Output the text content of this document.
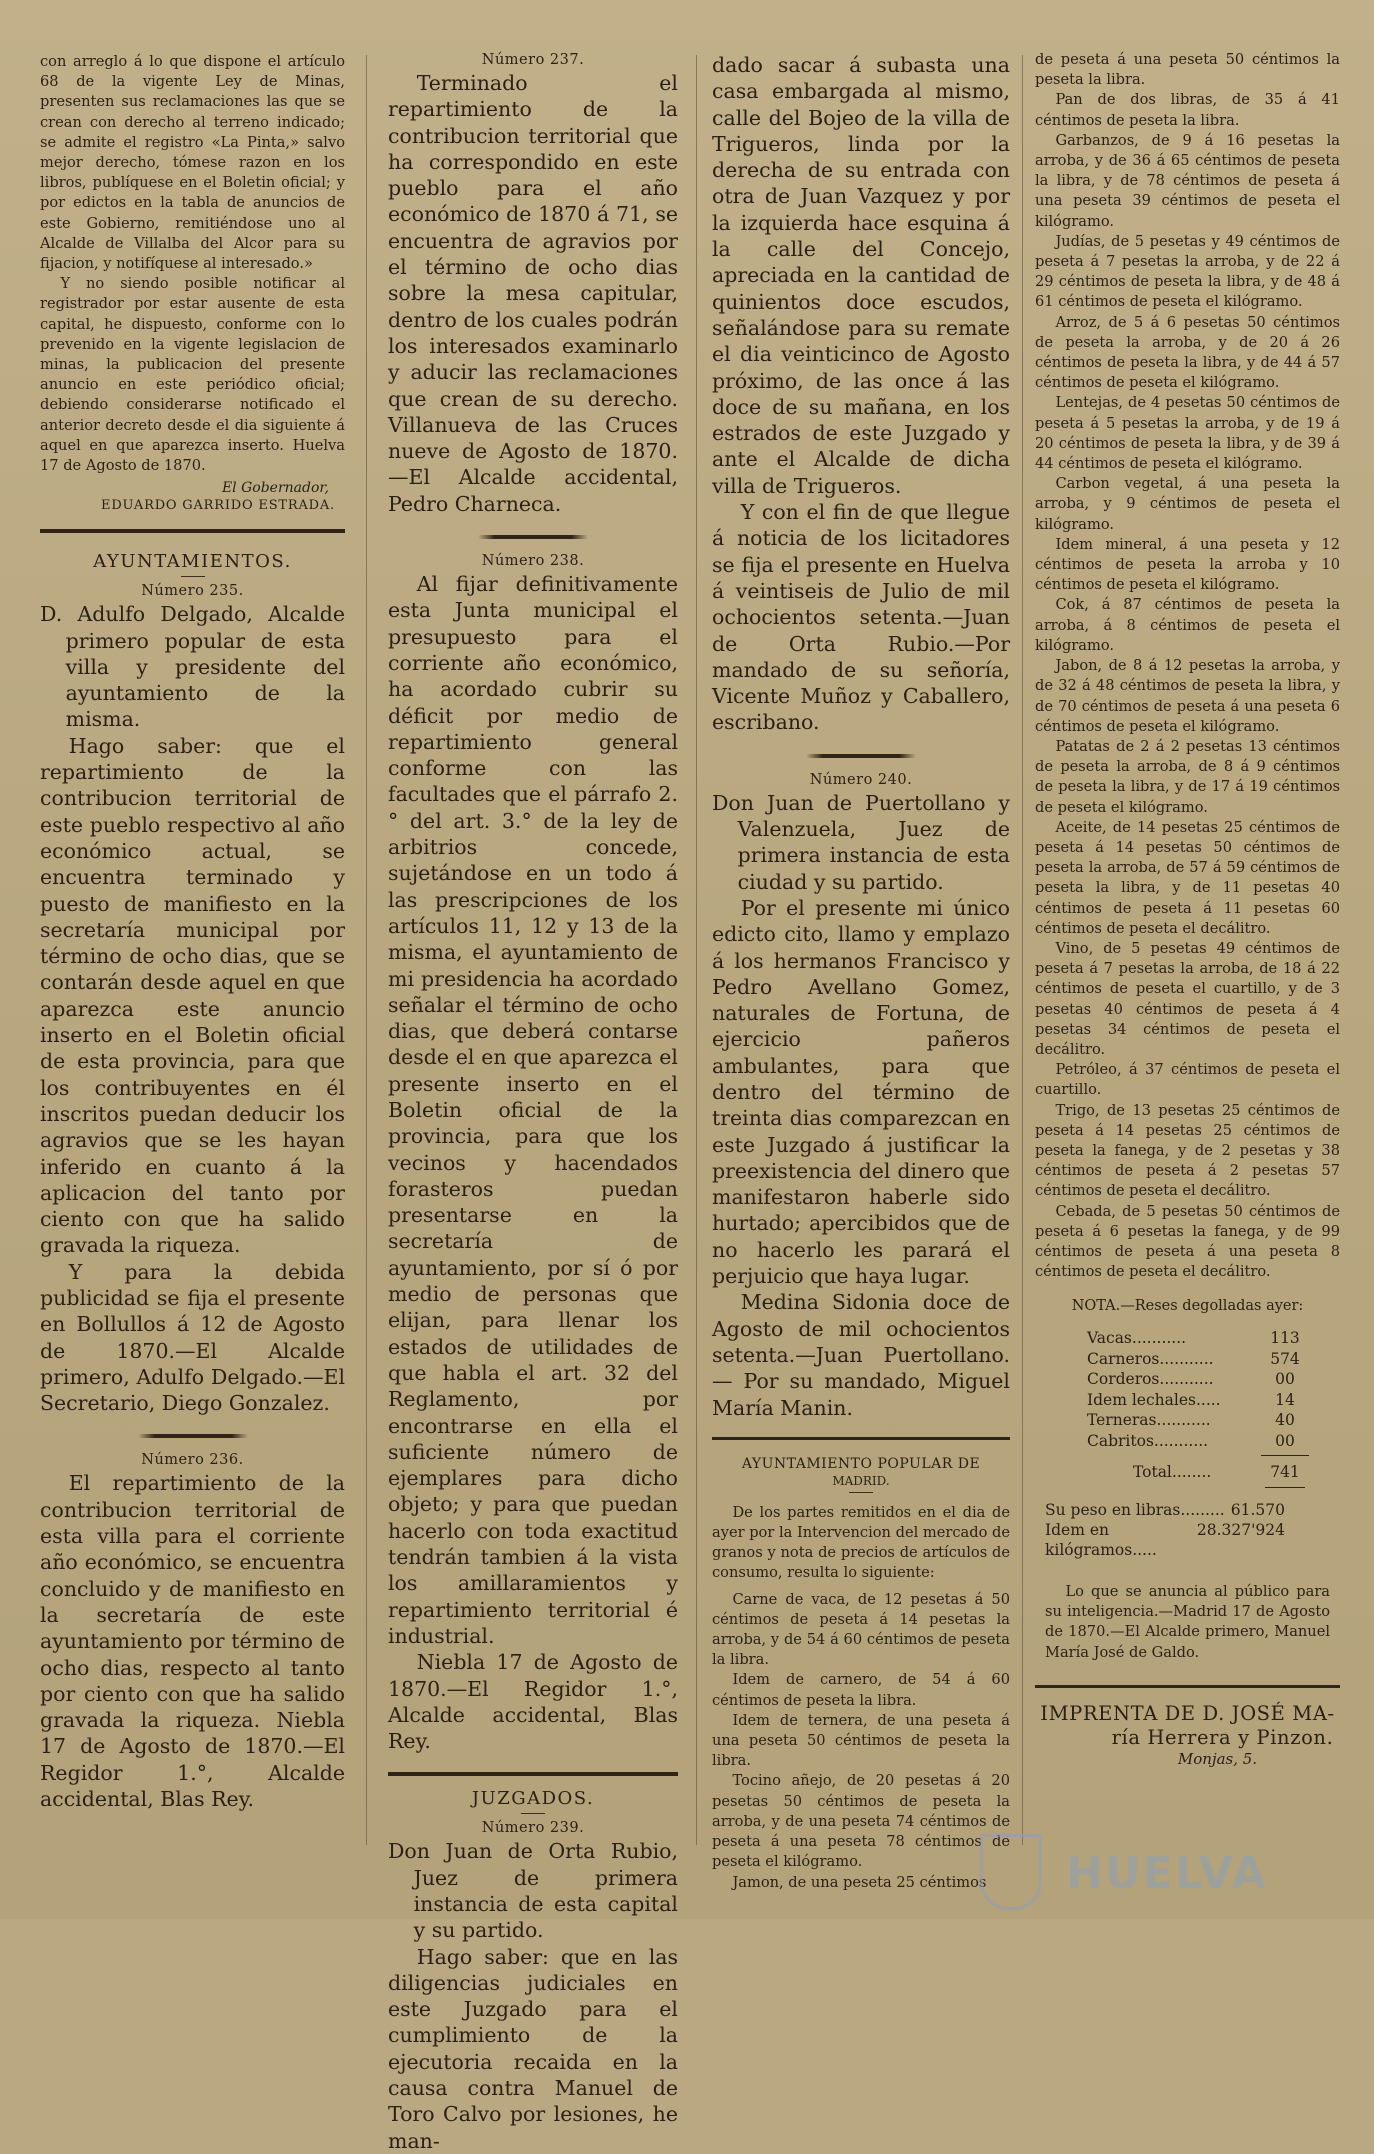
con arreglo á lo que dispone el artículo 68 de la vigente Ley de Minas, presenten sus reclamaciones las que se crean con derecho al terreno indicado; se admite el registro «La Pinta,» salvo mejor derecho, tómese razon en los libros, publíquese en el Boletin oficial; y por edictos en la tabla de anuncios de este Gobierno, remitiéndose uno al Alcalde de Villalba del Alcor para su fijacion, y notifíquese al interesado.»

Y no siendo posible notificar al registrador por estar ausente de esta capital, he dispuesto, conforme con lo prevenido en la vigente legislacion de minas, la publicacion del presente anuncio en este periódico oficial; debiendo considerarse notificado el anterior decreto desde el dia siguiente á aquel en que aparezca inserto. Huelva 17 de Agosto de 1870.

El Gobernador,
EDUARDO GARRIDO ESTRADA.
AYUNTAMIENTOS.
Número 235.

D. Adulfo Delgado, Alcalde primero popular de esta villa y presidente del ayuntamiento de la misma.

Hago saber: que el repartimiento de la contribucion territorial de este pueblo respectivo al año económico actual, se encuentra terminado y puesto de manifiesto en la secretaría municipal por término de ocho dias, que se contarán desde aquel en que aparezca este anuncio inserto en el Boletin oficial de esta provincia, para que los contribuyentes en él inscritos puedan deducir los agravios que se les hayan inferido en cuanto á la aplicacion del tanto por ciento con que ha salido gravada la riqueza.

Y para la debida publicidad se fija el presente en Bollullos á 12 de Agosto de 1870.—El Alcalde primero, Adulfo Delgado.—El Secretario, Diego Gonzalez.

Número 236.

El repartimiento de la contribucion territorial de esta villa para el corriente año económico, se encuentra concluido y de manifiesto en la secretaría de este ayuntamiento por término de ocho dias, respecto al tanto por ciento con que ha salido gravada la riqueza. Niebla 17 de Agosto de 1870.—El Regidor 1.°, Alcalde accidental, Blas Rey.

Número 237.

Terminado el repartimiento de la contribucion territorial que ha correspondido en este pueblo para el año económico de 1870 á 71, se encuentra de agravios por el término de ocho dias sobre la mesa capitular, dentro de los cuales podrán los interesados examinarlo y aducir las reclamaciones que crean de su derecho. Villanueva de las Cruces nueve de Agosto de 1870. —El Alcalde accidental, Pedro Charneca.

Número 238.

Al fijar definitivamente esta Junta municipal el presupuesto para el corriente año económico, ha acordado cubrir su déficit por medio de repartimiento general conforme con las facultades que el párrafo 2.° del art. 3.° de la ley de arbitrios concede, sujetándose en un todo á las prescripciones de los artículos 11, 12 y 13 de la misma, el ayuntamiento de mi presidencia ha acordado señalar el término de ocho dias, que deberá contarse desde el en que aparezca el presente inserto en el Boletin oficial de la provincia, para que los vecinos y hacendados forasteros puedan presentarse en la secretaría de ayuntamiento, por sí ó por medio de personas que elijan, para llenar los estados de utilidades de que habla el art. 32 del Reglamento, por encontrarse en ella el suficiente número de ejemplares para dicho objeto; y para que puedan hacerlo con toda exactitud tendrán tambien á la vista los amillaramientos y repartimiento territorial é industrial.

Niebla 17 de Agosto de 1870.—El Regidor 1.°, Alcalde accidental, Blas Rey.

JUZGADOS.
Número 239.

Don Juan de Orta Rubio, Juez de primera instancia de esta capital y su partido.

Hago saber: que en las diligencias judiciales en este Juzgado para el cumplimiento de la ejecutoria recaida en la causa contra Manuel de Toro Calvo por lesiones, he man-

dado sacar á subasta una casa embargada al mismo, calle del Bojeo de la villa de Trigueros, linda por la derecha de su entrada con otra de Juan Vazquez y por la izquierda hace esquina á la calle del Concejo, apreciada en la cantidad de quinientos doce escudos, señalándose para su remate el dia veinticinco de Agosto próximo, de las once á las doce de su mañana, en los estrados de este Juzgado y ante el Alcalde de dicha villa de Trigueros.

Y con el fin de que llegue á noticia de los licitadores se fija el presente en Huelva á veintiseis de Julio de mil ochocientos setenta.—Juan de Orta Rubio.—Por mandado de su señoría, Vicente Muñoz y Caballero, escribano.

Número 240.

Don Juan de Puertollano y Valenzuela, Juez de primera instancia de esta ciudad y su partido.

Por el presente mi único edicto cito, llamo y emplazo á los hermanos Francisco y Pedro Avellano Gomez, naturales de Fortuna, de ejercicio pañeros ambulantes, para que dentro del término de treinta dias comparezcan en este Juzgado á justificar la preexistencia del dinero que manifestaron haberle sido hurtado; apercibidos que de no hacerlo les parará el perjuicio que haya lugar.

Medina Sidonia doce de Agosto de mil ochocientos setenta.—Juan Puertollano.— Por su mandado, Miguel María Manin.

AYUNTAMIENTO POPULAR DE
MADRID.

De los partes remitidos en el dia de ayer por la Intervencion del mercado de granos y nota de precios de artículos de consumo, resulta lo siguiente:

Carne de vaca, de 12 pesetas á 50 céntimos de peseta á 14 pesetas la arroba, y de 54 á 60 céntimos de peseta la libra.

Idem de carnero, de 54 á 60 céntimos de peseta la libra.

Idem de ternera, de una peseta á una peseta 50 céntimos de peseta la libra.

Tocino añejo, de 20 pesetas á 20 pesetas 50 céntimos de peseta la arroba, y de una peseta 74 céntimos de peseta á una peseta 78 céntimos de peseta el kilógramo.

Jamon, de una peseta 25 céntimos

de peseta á una peseta 50 céntimos la peseta la libra.

Pan de dos libras, de 35 á 41 céntimos de peseta la libra.

Garbanzos, de 9 á 16 pesetas la arroba, y de 36 á 65 céntimos de peseta la libra, y de 78 céntimos de peseta á una peseta 39 céntimos de peseta el kilógramo.

Judías, de 5 pesetas y 49 céntimos de peseta á 7 pesetas la arroba, y de 22 á 29 céntimos de peseta la libra, y de 48 á 61 céntimos de peseta el kilógramo.

Arroz, de 5 á 6 pesetas 50 céntimos de peseta la arroba, y de 20 á 26 céntimos de peseta la libra, y de 44 á 57 céntimos de peseta el kilógramo.

Lentejas, de 4 pesetas 50 céntimos de peseta á 5 pesetas la arroba, y de 19 á 20 céntimos de peseta la libra, y de 39 á 44 céntimos de peseta el kilógramo.

Carbon vegetal, á una peseta la arroba, y 9 céntimos de peseta el kilógramo.

Idem mineral, á una peseta y 12 céntimos de peseta la arroba y 10 céntimos de peseta el kilógramo.

Cok, á 87 céntimos de peseta la arroba, á 8 céntimos de peseta el kilógramo.

Jabon, de 8 á 12 pesetas la arroba, y de 32 á 48 céntimos de peseta la libra, y de 70 céntimos de peseta á una peseta 6 céntimos de peseta el kilógramo.

Patatas de 2 á 2 pesetas 13 céntimos de peseta la arroba, de 8 á 9 céntimos de peseta la libra, y de 17 á 19 céntimos de peseta el kilógramo.

Aceite, de 14 pesetas 25 céntimos de peseta á 14 pesetas 50 céntimos de peseta la arroba, de 57 á 59 céntimos de peseta la libra, y de 11 pesetas 40 céntimos de peseta á 11 pesetas 60 céntimos de peseta el decálitro.

Vino, de 5 pesetas 49 céntimos de peseta á 7 pesetas la arroba, de 18 á 22 céntimos de peseta el cuartillo, y de 3 pesetas 40 céntimos de peseta á 4 pesetas 34 céntimos de peseta el decálitro.

Petróleo, á 37 céntimos de peseta el cuartillo.

Trigo, de 13 pesetas 25 céntimos de peseta á 14 pesetas 25 céntimos de peseta la fanega, y de 2 pesetas y 38 céntimos de peseta á 2 pesetas 57 céntimos de peseta el decálitro.

Cebada, de 5 pesetas 50 céntimos de peseta á 6 pesetas la fanega, y de 99 céntimos de peseta á una peseta 8 céntimos de peseta el decálitro.

NOTA.—Reses degolladas ayer:
Vacas...........	113
Carneros...........	574
Corderos...........	00
Idem lechales.....	14
Terneras...........	40
Cabritos...........	00
Total........	741
Su peso en libras......... 61.570
Idem en kilógramos.....
28.327'924

Lo que se anuncia al público para su inteligencia.—Madrid 17 de Agosto de 1870.—El Alcalde primero, Manuel María José de Galdo.

IMPRENTA DE D. JOSÉ MA-
ría Herrera y Pinzon.
Monjas, 5.
HUELVA
